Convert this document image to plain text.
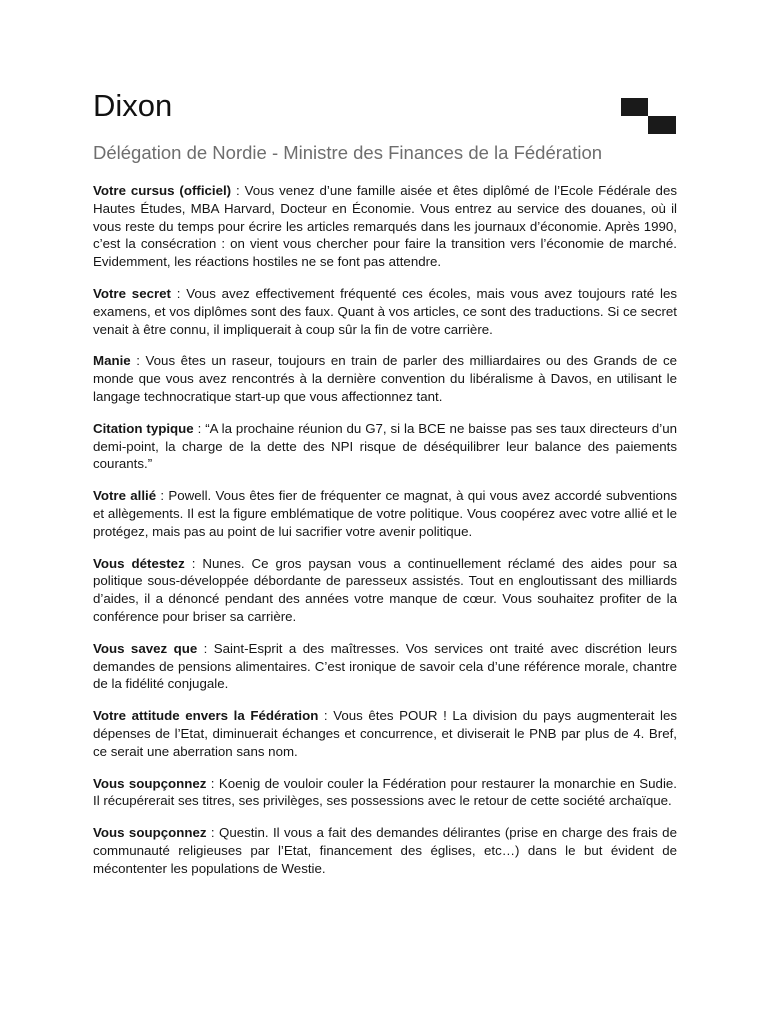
Dixon
Délégation de Nordie - Ministre des Finances de la Fédération

Votre cursus (officiel) : Vous venez d’une famille aisée et êtes diplômé de l’Ecole Fédérale des Hautes Études, MBA Harvard, Docteur en Économie. Vous entrez au service des douanes, où il vous reste du temps pour écrire les articles remarqués dans les journaux d’économie. Après 1990, c’est la consécration : on vient vous chercher pour faire la transition vers l’économie de marché. Evidemment, les réactions hostiles ne se font pas attendre.

Votre secret : Vous avez effectivement fréquenté ces écoles, mais vous avez toujours raté les examens, et vos diplômes sont des faux. Quant à vos articles, ce sont des traductions. Si ce secret venait à être connu, il impliquerait à coup sûr la fin de votre carrière.

Manie : Vous êtes un raseur, toujours en train de parler des milliardaires ou des Grands de ce monde que vous avez rencontrés à la dernière convention du libéralisme à Davos, en utilisant le langage technocratique start-up que vous affectionnez tant.

Citation typique : “A la prochaine réunion du G7, si la BCE ne baisse pas ses taux directeurs d’un demi-point, la charge de la dette des NPI risque de déséquilibrer leur balance des paiements courants.”

Votre allié : Powell. Vous êtes fier de fréquenter ce magnat, à qui vous avez accordé subventions et allègements. Il est la figure emblématique de votre politique. Vous coopérez avec votre allié et le protégez, mais pas au point de lui sacrifier votre avenir politique.

Vous détestez : Nunes. Ce gros paysan vous a continuellement réclamé des aides pour sa politique sous-développée débordante de paresseux assistés. Tout en engloutissant des milliards d’aides, il a dénoncé pendant des années votre manque de cœur. Vous souhaitez profiter de la conférence pour briser sa carrière.

Vous savez que : Saint-Esprit a des maîtresses. Vos services ont traité avec discrétion leurs demandes de pensions alimentaires. C’est ironique de savoir cela d’une référence morale, chantre de la fidélité conjugale.

Votre attitude envers la Fédération : Vous êtes POUR ! La division du pays augmenterait les dépenses de l’Etat, diminuerait échanges et concurrence, et diviserait le PNB par plus de 4. Bref, ce serait une aberration sans nom.

Vous soupçonnez : Koenig de vouloir couler la Fédération pour restaurer la monarchie en Sudie. Il récupérerait ses titres, ses privilèges, ses possessions avec le retour de cette société archaïque.

Vous soupçonnez : Questin. Il vous a fait des demandes délirantes (prise en charge des frais de communauté religieuses par l’Etat, financement des églises, etc…) dans le but évident de mécontenter les populations de Westie.
